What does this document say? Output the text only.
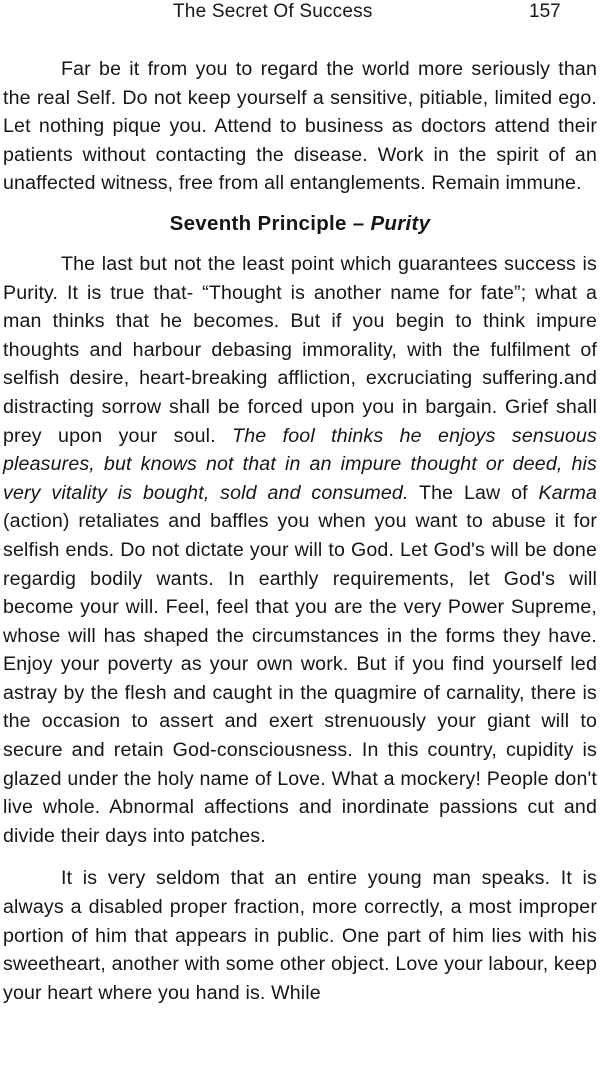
The Secret Of Success	157

Far be it from you to regard the world more seriously than the real Self. Do not keep yourself a sensitive, pitiable, limited ego. Let nothing pique you. Attend to business as doctors attend their patients without contacting the disease. Work in the spirit of an unaffected witness, free from all entanglements. Remain immune.

Seventh Principle – Purity

The last but not the least point which guarantees success is Purity. It is true that- “Thought is another name for fate”; what a man thinks that he becomes. But if you begin to think impure thoughts and harbour debasing immorality, with the fulfilment of selfish desire, heart-breaking affliction, excruciating suffering.and distracting sorrow shall be forced upon you in bargain. Grief shall prey upon your soul. The fool thinks he enjoys sensuous pleasures, but knows not that in an impure thought or deed, his very vitality is bought, sold and consumed. The Law of Karma (action) retaliates and baffles you when you want to abuse it for selfish ends. Do not dictate your will to God. Let God's will be done regardig bodily wants. In earthly requirements, let God's will become your will. Feel, feel that you are the very Power Supreme, whose will has shaped the circumstances in the forms they have. Enjoy your poverty as your own work. But if you find yourself led astray by the flesh and caught in the quagmire of carnality, there is the occasion to assert and exert strenuously your giant will to secure and retain God-consciousness. In this country, cupidity is glazed under the holy name of Love. What a mockery! People don't live whole. Abnormal affections and inordinate passions cut and divide their days into patches.

It is very seldom that an entire young man speaks. It is always a disabled proper fraction, more correctly, a most improper portion of him that appears in public. One part of him lies with his sweetheart, another with some other object. Love your labour, keep your heart where you hand is. While
